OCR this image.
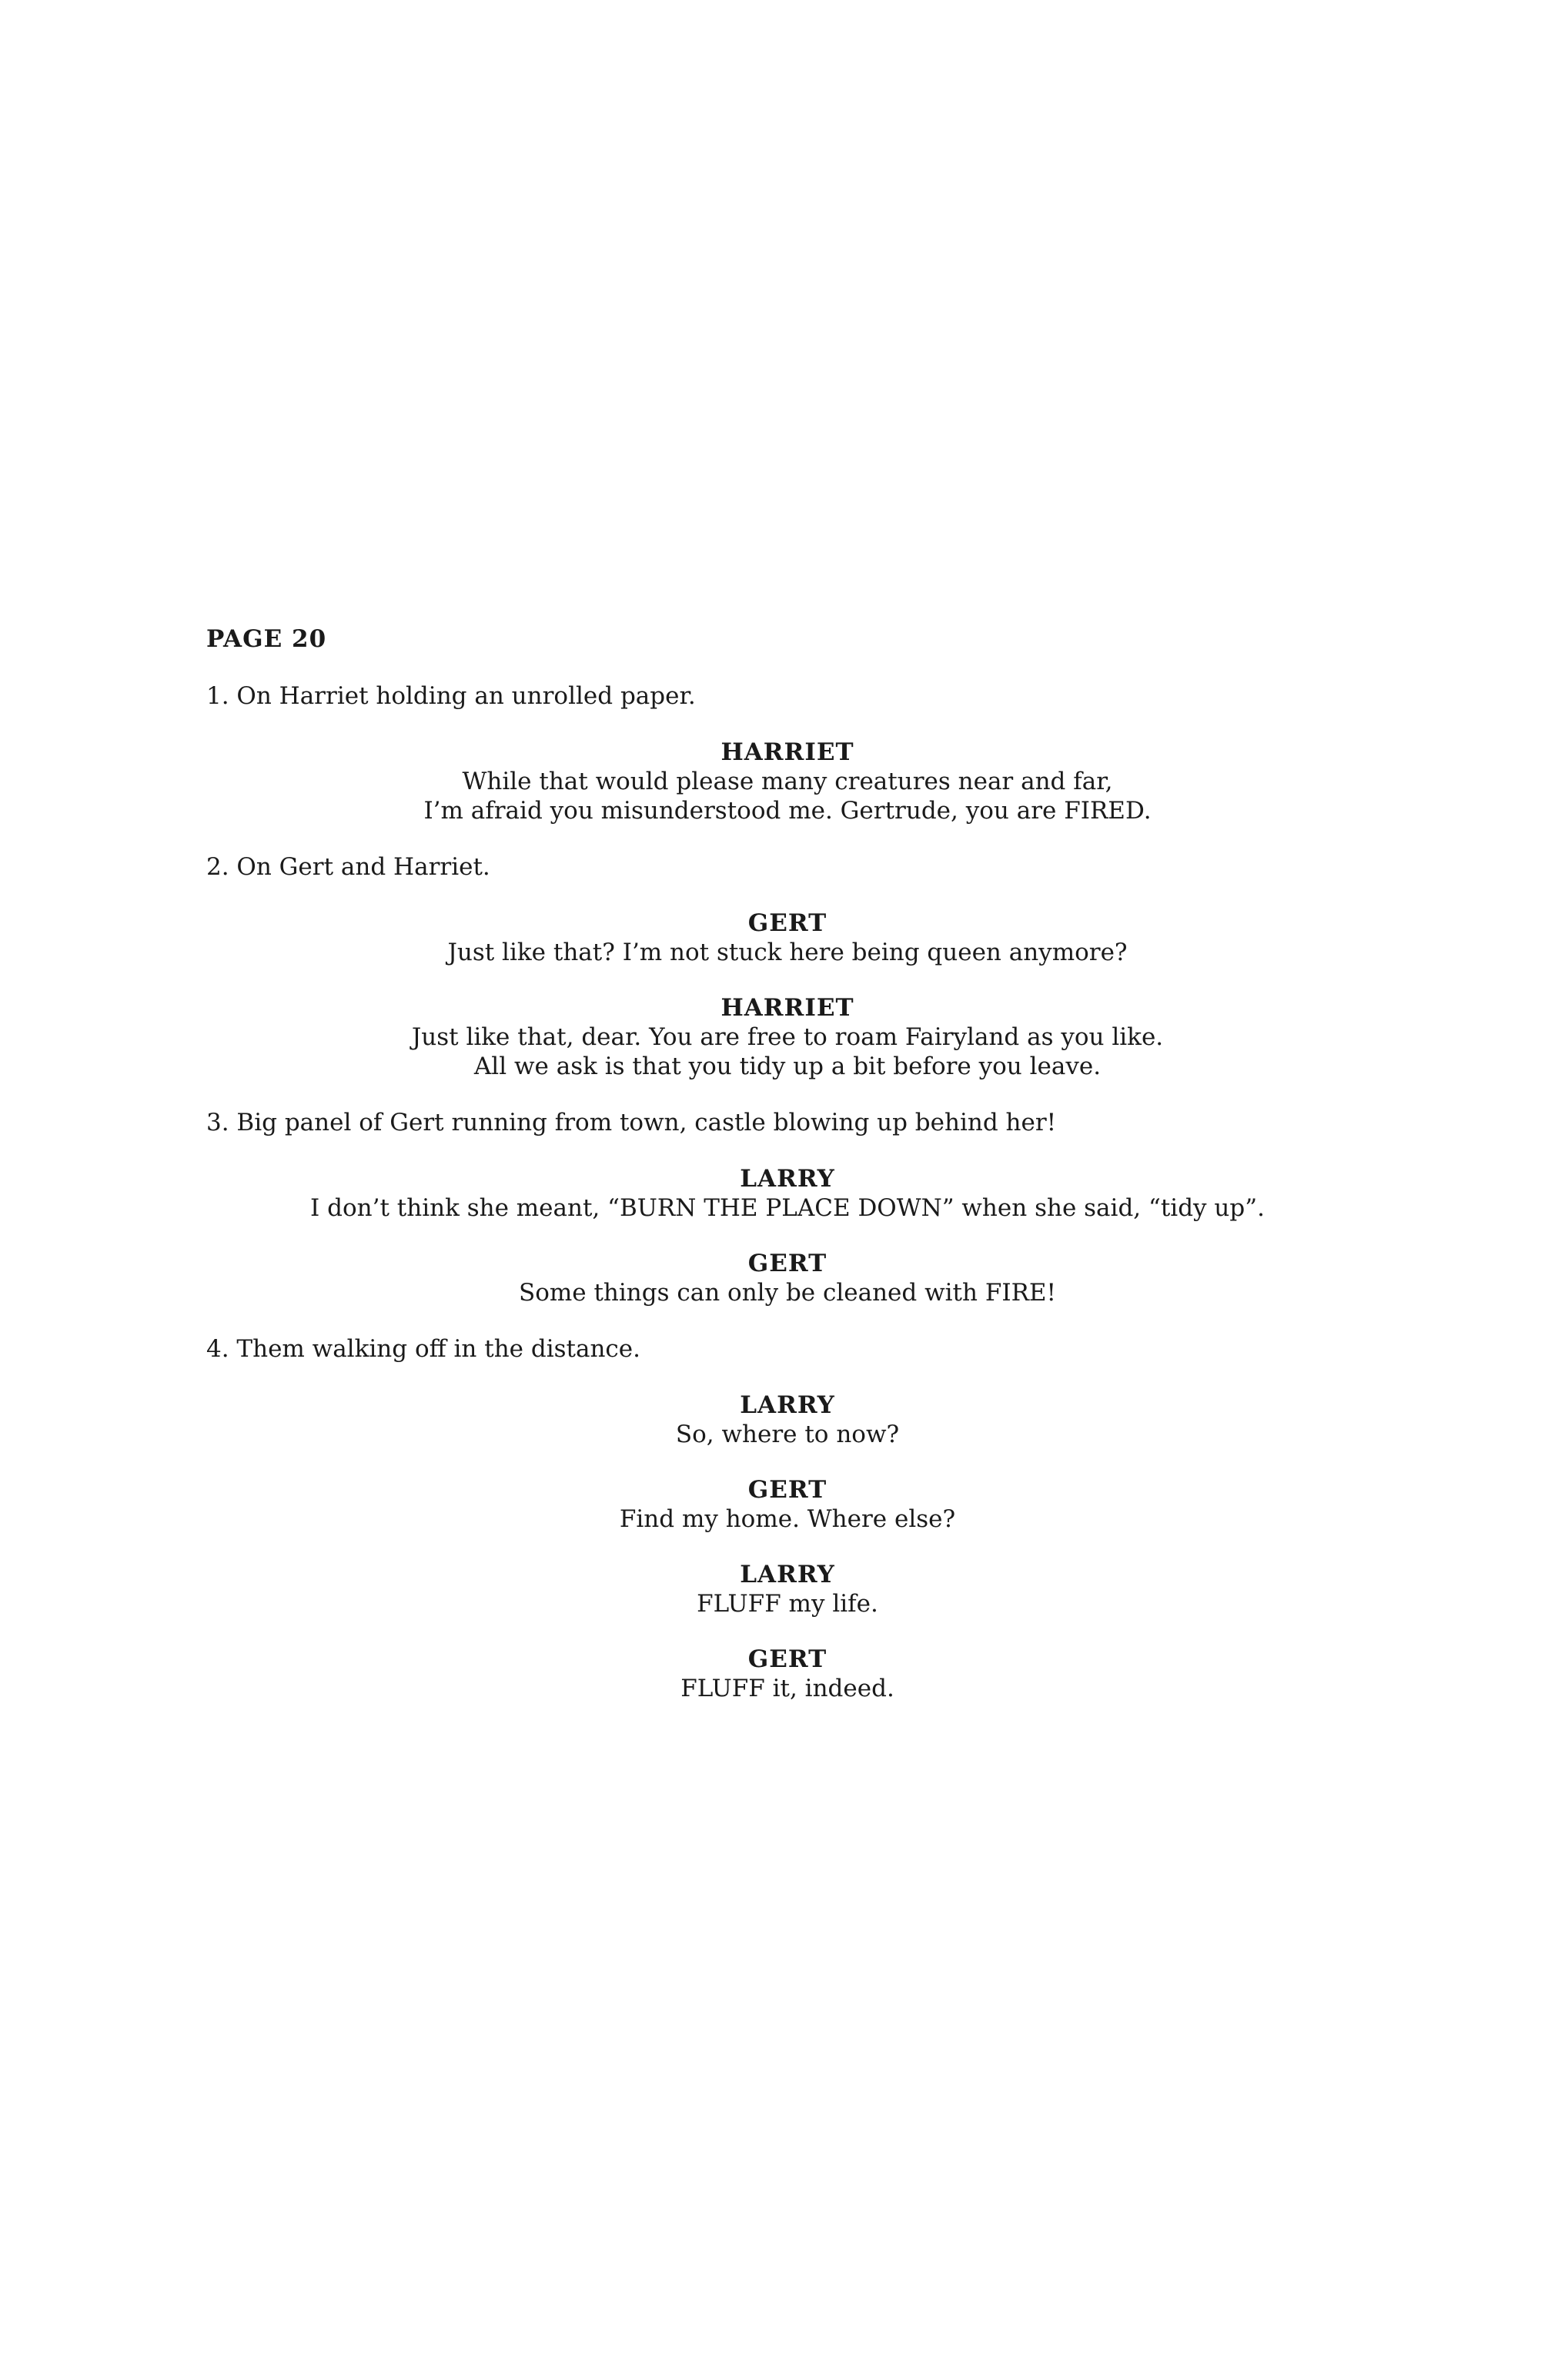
PAGE 20
1. On Harriet holding an unrolled paper.
HARRIET
While that would please many creatures near and far,
I’m afraid you misunderstood me. Gertrude, you are FIRED.
2. On Gert and Harriet.
GERT
Just like that? I’m not stuck here being queen anymore?
HARRIET
Just like that, dear. You are free to roam Fairyland as you like.
All we ask is that you tidy up a bit before you leave.
3. Big panel of Gert running from town, castle blowing up behind her!
LARRY
I don’t think she meant, “BURN THE PLACE DOWN” when she said, “tidy up”.
GERT
Some things can only be cleaned with FIRE!
4. Them walking off in the distance.
LARRY
So, where to now?
GERT
Find my home. Where else?
LARRY
FLUFF my life.
GERT
FLUFF it, indeed.
